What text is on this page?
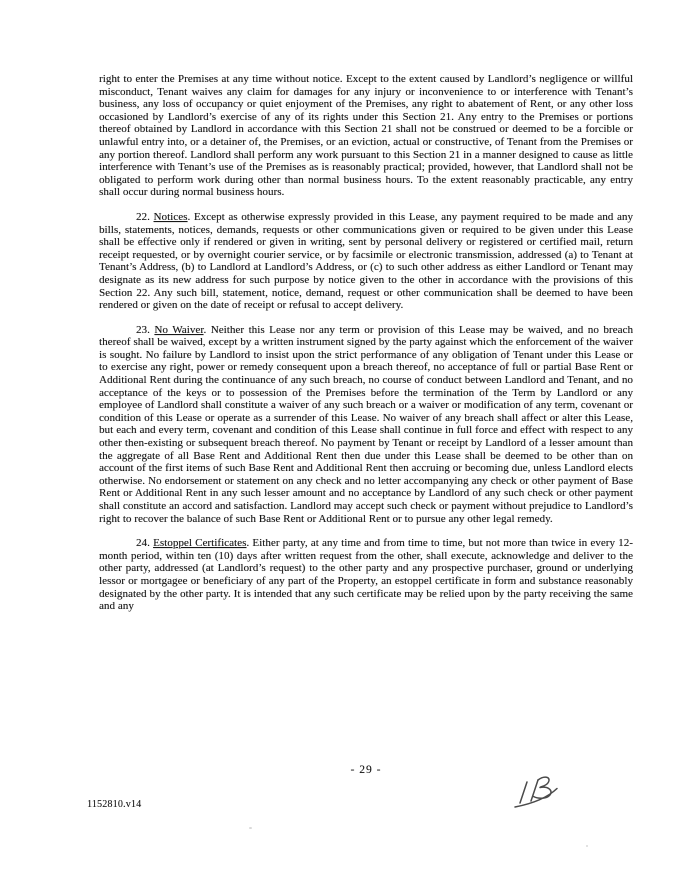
right to enter the Premises at any time without notice. Except to the extent caused by Landlord’s negligence or willful misconduct, Tenant waives any claim for damages for any injury or inconvenience to or interference with Tenant’s business, any loss of occupancy or quiet enjoyment of the Premises, any right to abatement of Rent, or any other loss occasioned by Landlord’s exercise of any of its rights under this Section 21. Any entry to the Premises or portions thereof obtained by Landlord in accordance with this Section 21 shall not be construed or deemed to be a forcible or unlawful entry into, or a detainer of, the Premises, or an eviction, actual or constructive, of Tenant from the Premises or any portion thereof. Landlord shall perform any work pursuant to this Section 21 in a manner designed to cause as little interference with Tenant’s use of the Premises as is reasonably practical; provided, however, that Landlord shall not be obligated to perform work during other than normal business hours. To the extent reasonably practicable, any entry shall occur during normal business hours.

22. Notices. Except as otherwise expressly provided in this Lease, any payment required to be made and any bills, statements, notices, demands, requests or other communications given or required to be given under this Lease shall be effective only if rendered or given in writing, sent by personal delivery or registered or certified mail, return receipt requested, or by overnight courier service, or by facsimile or electronic transmission, addressed (a) to Tenant at Tenant’s Address, (b) to Landlord at Landlord’s Address, or (c) to such other address as either Landlord or Tenant may designate as its new address for such purpose by notice given to the other in accordance with the provisions of this Section 22. Any such bill, statement, notice, demand, request or other communication shall be deemed to have been rendered or given on the date of receipt or refusal to accept delivery.

23. No Waiver. Neither this Lease nor any term or provision of this Lease may be waived, and no breach thereof shall be waived, except by a written instrument signed by the party against which the enforcement of the waiver is sought. No failure by Landlord to insist upon the strict performance of any obligation of Tenant under this Lease or to exercise any right, power or remedy consequent upon a breach thereof, no acceptance of full or partial Base Rent or Additional Rent during the continuance of any such breach, no course of conduct between Landlord and Tenant, and no acceptance of the keys or to possession of the Premises before the termination of the Term by Landlord or any employee of Landlord shall constitute a waiver of any such breach or a waiver or modification of any term, covenant or condition of this Lease or operate as a surrender of this Lease. No waiver of any breach shall affect or alter this Lease, but each and every term, covenant and condition of this Lease shall continue in full force and effect with respect to any other then-existing or subsequent breach thereof. No payment by Tenant or receipt by Landlord of a lesser amount than the aggregate of all Base Rent and Additional Rent then due under this Lease shall be deemed to be other than on account of the first items of such Base Rent and Additional Rent then accruing or becoming due, unless Landlord elects otherwise. No endorsement or statement on any check and no letter accompanying any check or other payment of Base Rent or Additional Rent in any such lesser amount and no acceptance by Landlord of any such check or other payment shall constitute an accord and satisfaction. Landlord may accept such check or payment without prejudice to Landlord’s right to recover the balance of such Base Rent or Additional Rent or to pursue any other legal remedy.

24. Estoppel Certificates. Either party, at any time and from time to time, but not more than twice in every 12-month period, within ten (10) days after written request from the other, shall execute, acknowledge and deliver to the other party, addressed (at Landlord’s request) to the other party and any prospective purchaser, ground or underlying lessor or mortgagee or beneficiary of any part of the Property, an estoppel certificate in form and substance reasonably designated by the other party. It is intended that any such certificate may be relied upon by the party receiving the same and any

- 29 -
1152810.v14
